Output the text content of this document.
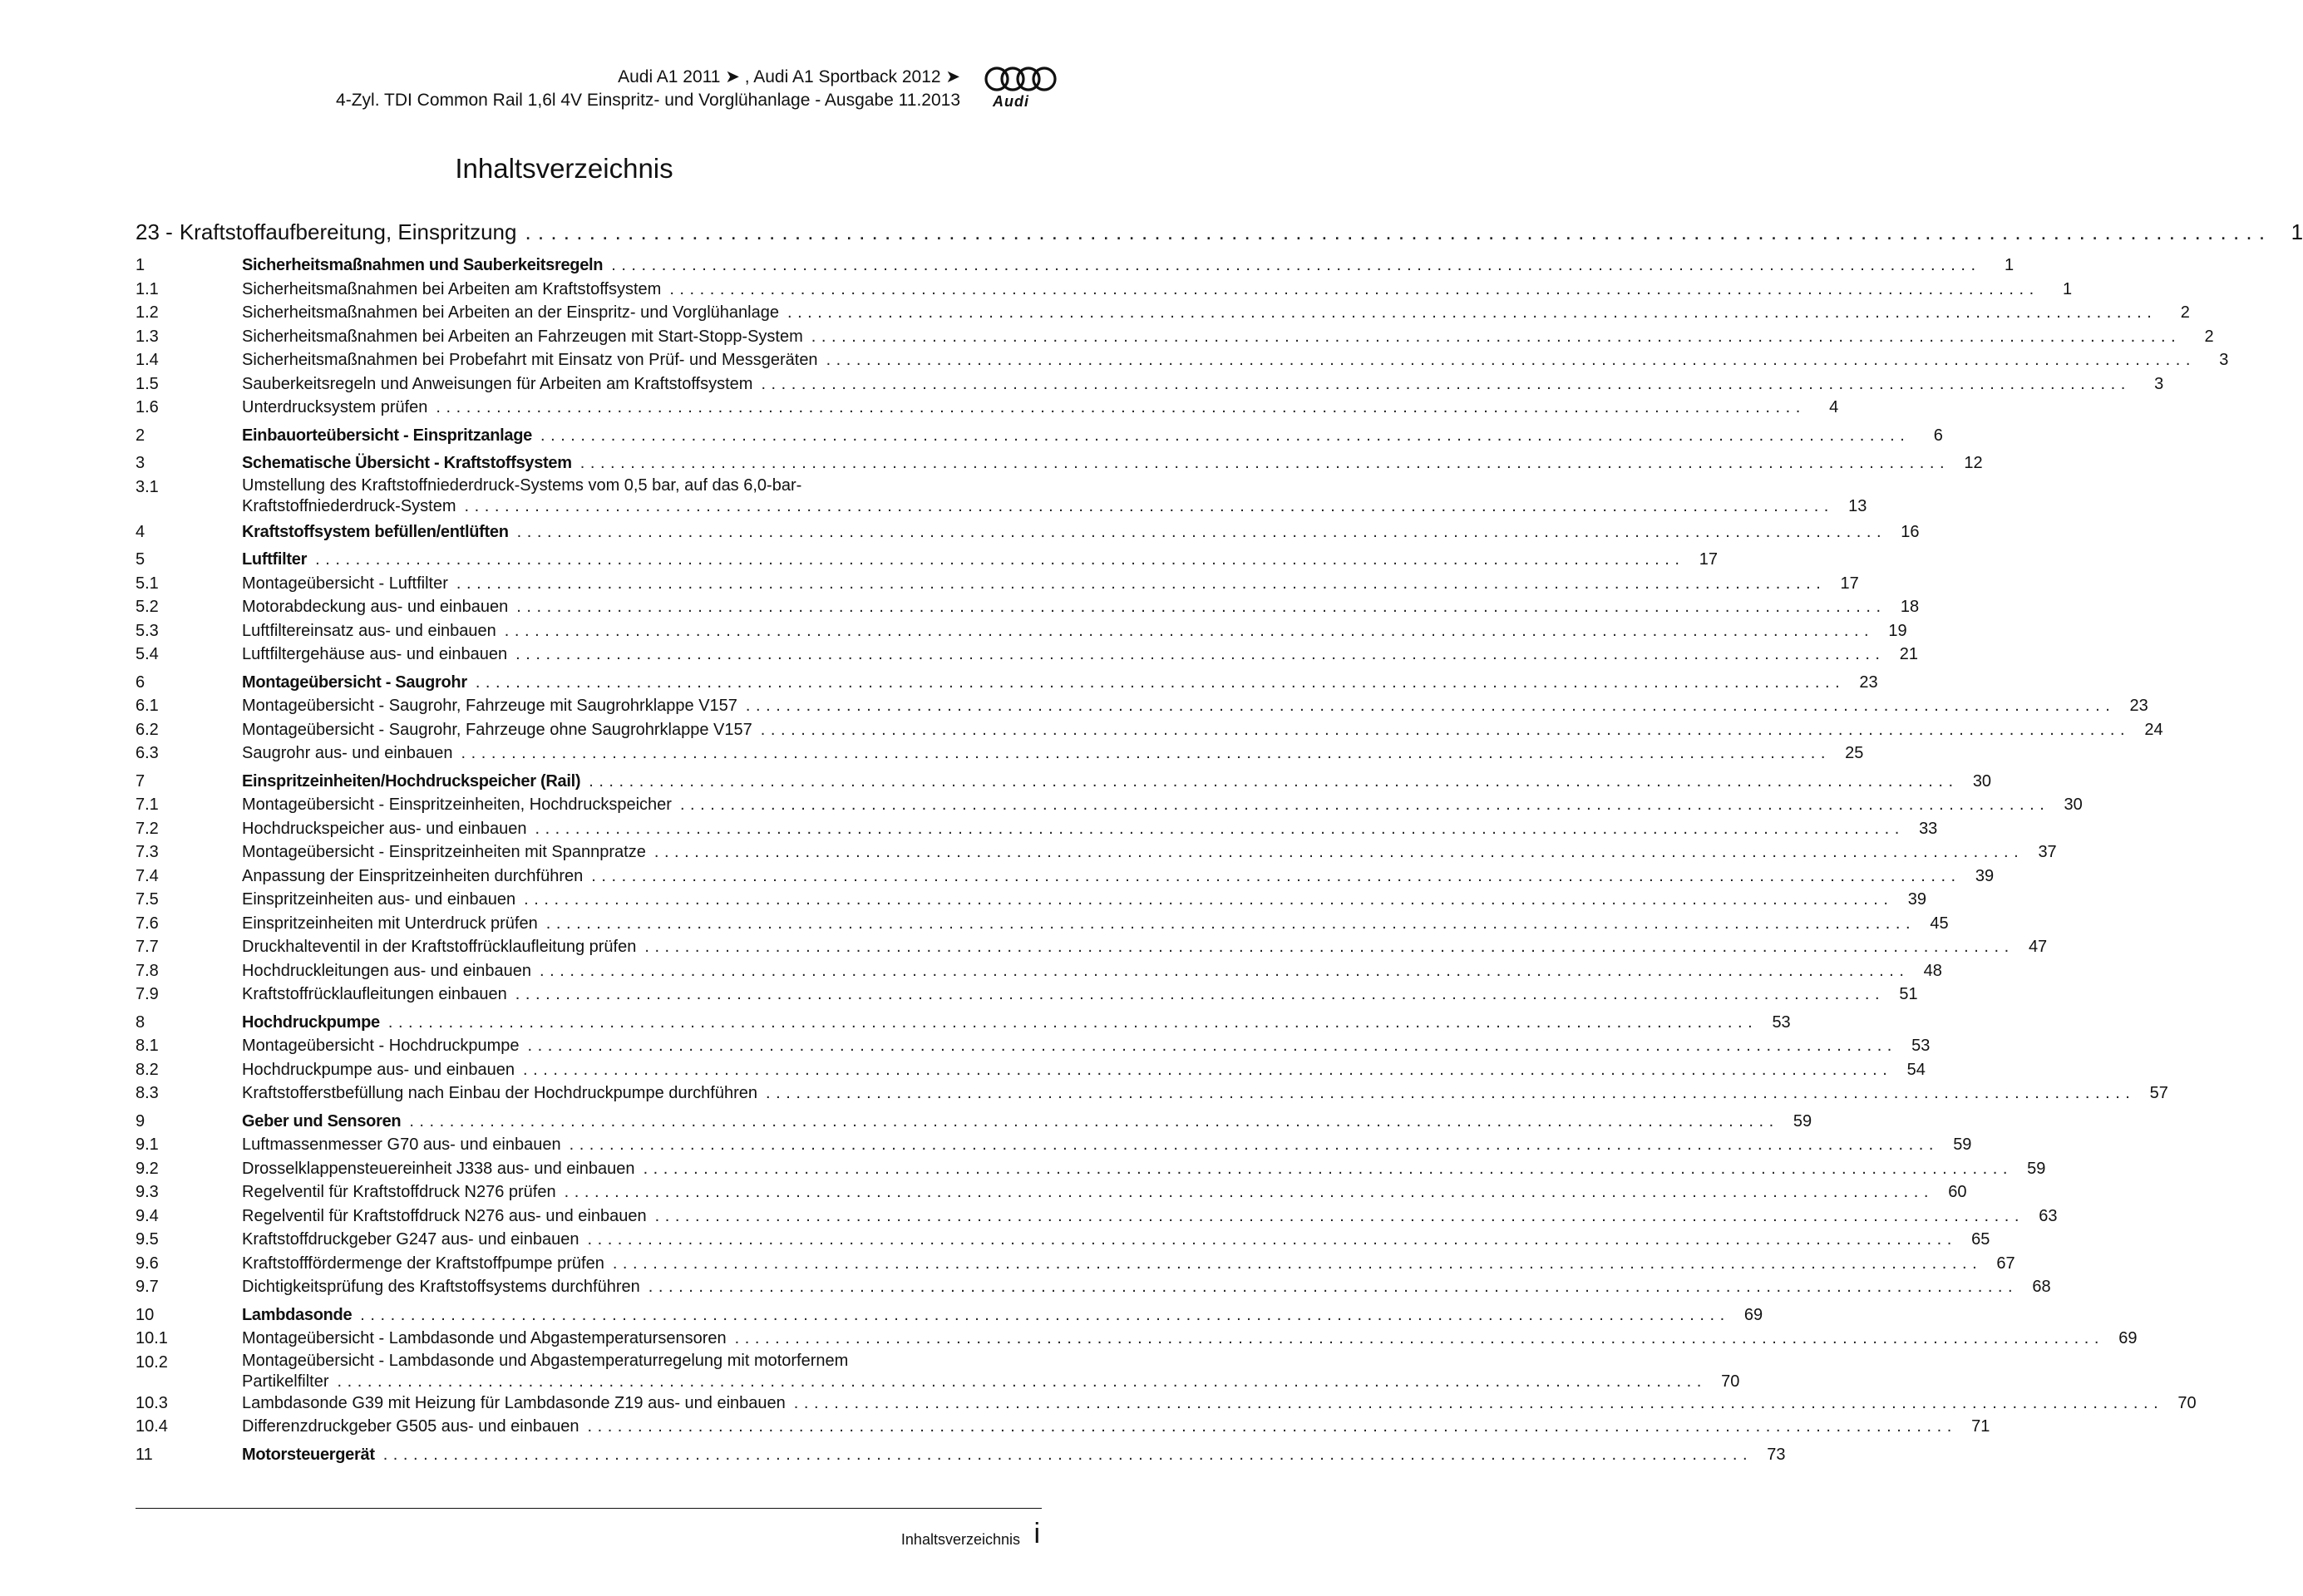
Audi A1 2011 ➤ , Audi A1 Sportback 2012 ➤
4-Zyl. TDI Common Rail 1,6l 4V Einspritz- und Vorglühanlage - Ausgabe 11.2013 Audi
Inhaltsverzeichnis
23 - Kraftstoffaufbereitung, Einspritzung . . .	1
1	Sicherheitsmaßnahmen und Sauberkeitsregeln . . .	1
1.1	Sicherheitsmaßnahmen bei Arbeiten am Kraftstoffsystem . . .	1
1.2	Sicherheitsmaßnahmen bei Arbeiten an der Einspritz- und Vorglühanlage . . .	2
1.3	Sicherheitsmaßnahmen bei Arbeiten an Fahrzeugen mit Start-Stopp-System . . .	2
1.4	Sicherheitsmaßnahmen bei Probefahrt mit Einsatz von Prüf- und Messgeräten . . .	3
1.5	Sauberkeitsregeln und Anweisungen für Arbeiten am Kraftstoffsystem . . .	3
1.6	Unterdrucksystem prüfen . . .	4
2	Einbauorteübersicht - Einspritzanlage . . .	6
3	Schematische Übersicht - Kraftstoffsystem . . .	12
3.1	Umstellung des Kraftstoffniederdruck-Systems vom 0,5 bar, auf das 6,0-bar-
Kraftstoffniederdruck-System . . .	13
4	Kraftstoffsystem befüllen/entlüften . . .	16
5	Luftfilter . . .	17
5.1	Montageübersicht - Luftfilter . . .	17
5.2	Motorabdeckung aus- und einbauen . . .	18
5.3	Luftfiltereinsatz aus- und einbauen . . .	19
5.4	Luftfiltergehäuse aus- und einbauen . . .	21
6	Montageübersicht - Saugrohr . . .	23
6.1	Montageübersicht - Saugrohr, Fahrzeuge mit Saugrohrklappe V157 . . .	23
6.2	Montageübersicht - Saugrohr, Fahrzeuge ohne Saugrohrklappe V157 . . .	24
6.3	Saugrohr aus- und einbauen . . .	25
7	Einspritzeinheiten/Hochdruckspeicher (Rail) . . .	30
7.1	Montageübersicht - Einspritzeinheiten, Hochdruckspeicher . . .	30
7.2	Hochdruckspeicher aus- und einbauen . . .	33
7.3	Montageübersicht - Einspritzeinheiten mit Spannpratze . . .	37
7.4	Anpassung der Einspritzeinheiten durchführen . . .	39
7.5	Einspritzeinheiten aus- und einbauen . . .	39
7.6	Einspritzeinheiten mit Unterdruck prüfen . . .	45
7.7	Druckhalteventil in der Kraftstoffrücklaufleitung prüfen . . .	47
7.8	Hochdruckleitungen aus- und einbauen . . .	48
7.9	Kraftstoffrücklaufleitungen einbauen . . .	51
8	Hochdruckpumpe . . .	53
8.1	Montageübersicht - Hochdruckpumpe . . .	53
8.2	Hochdruckpumpe aus- und einbauen . . .	54
8.3	Kraftstofferstbefüllung nach Einbau der Hochdruckpumpe durchführen . . .	57
9	Geber und Sensoren . . .	59
9.1	Luftmassenmesser G70 aus- und einbauen . . .	59
9.2	Drosselklappensteuereinheit J338 aus- und einbauen . . .	59
9.3	Regelventil für Kraftstoffdruck N276 prüfen . . .	60
9.4	Regelventil für Kraftstoffdruck N276 aus- und einbauen . . .	63
9.5	Kraftstoffdruckgeber G247 aus- und einbauen . . .	65
9.6	Kraftstofffördermenge der Kraftstoffpumpe prüfen . . .	67
9.7	Dichtigkeitsprüfung des Kraftstoffsystems durchführen . . .	68
10	Lambdasonde . . .	69
10.1	Montageübersicht - Lambdasonde und Abgastemperatursensoren . . .	69
10.2	Montageübersicht - Lambdasonde und Abgastemperaturregelung mit motorfernem
Partikelfilter . . .	70
10.3	Lambdasonde G39 mit Heizung für Lambdasonde Z19 aus- und einbauen . . .	70
10.4	Differenzdruckgeber G505 aus- und einbauen . . .	71
11	Motorsteuergerät . . .	73
Inhaltsverzeichnis i
